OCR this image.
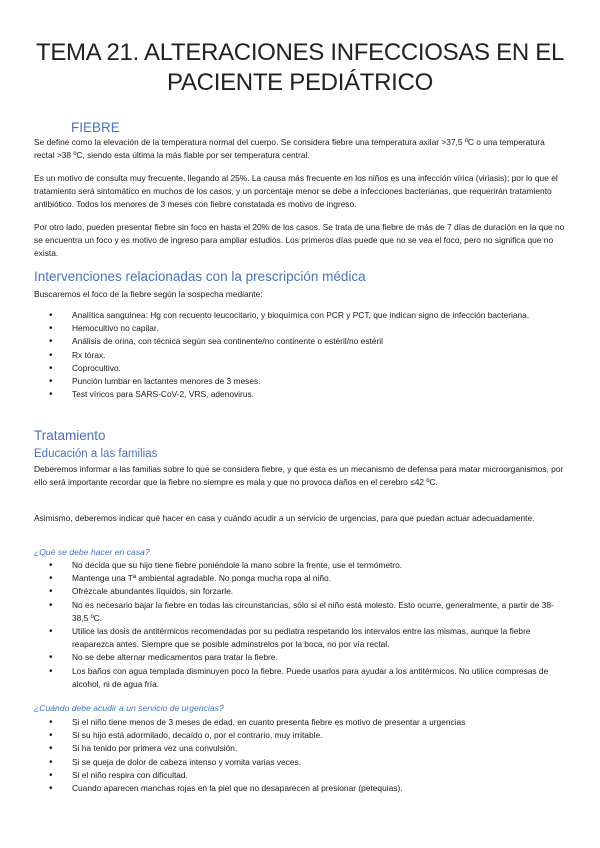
TEMA 21. ALTERACIONES INFECCIOSAS EN EL
PACIENTE PEDIÁTRICO
FIEBRE

Se define como la elevación de la temperatura normal del cuerpo. Se considera fiebre una temperatura axilar >37,5 ºC o una temperatura rectal >38 ºC, siendo esta última la más fiable por ser temperatura central.

Es un motivo de consulta muy frecuente, llegando al 25%. La causa más frecuente en los niños es una infección vírica (viriasis); por lo que el tratamiento será sintomático en muchos de los casos, y un porcentaje menor se debe a infecciones bacterianas, que requerirán tratamiento antibiótico. Todos los menores de 3 meses con fiebre constatada es motivo de ingreso.

Por otro lado, pueden presentar fiebre sin foco en hasta el 20% de los casos. Se trata de una fiebre de más de 7 días de duración en la que no se encuentra un foco y es motivo de ingreso para ampliar estudios. Los primeros días puede que no se vea el foco, pero no significa que no exista.

Intervenciones relacionadas con la prescripción médica

Buscaremos el foco de la fiebre según la sospecha mediante:

• Analítica sanguínea: Hg con recuento leucocitario, y bioquímica con PCR y PCT, que indican signo de infección bacteriana.
• Hemocultivo no capilar.
• Análisis de orina, con técnica según sea continente/no continente o estéril/no estéril
• Rx tórax.
• Coprocultivo.
• Punción lumbar en lactantes menores de 3 meses.
• Test víricos para SARS-CoV-2, VRS, adenovirus.
Tratamiento
Educación a las familias

Deberemos informar a las familias sobre lo que se considera fiebre, y que esta es un mecanismo de defensa para matar microorganismos, por ello será importante recordar que la fiebre no siempre es mala y que no provoca daños en el cerebro ≤42 ºC.

Asimismo, deberemos indicar qué hacer en casa y cuándo acudir a un servicio de urgencias, para que puedan actuar adecuadamente.

¿Qué se debe hacer en casa?
• No decida que su hijo tiene fiebre poniéndole la mano sobre la frente, use el termómetro.
• Mantenga una Tª ambiental agradable. No ponga mucha ropa al niño.
• Ofrézcale abundantes líquidos, sin forzarle.
• No es necesario bajar la fiebre en todas las circunstancias, sólo si el niño está molesto. Esto ocurre, generalmente, a partir de 38-38,5 ºC.
• Utilice las dosis de antitérmicos recomendadas por su pediatra respetando los intervalos entre las mismas, aunque la fiebre reaparezca antes. Siempre que se posible adminstrelos por la boca, no por vía rectal.
• No se debe alternar medicamentos para tratar la fiebre.
• Los baños con agua templada disminuyen poco la fiebre. Puede usarlos para ayudar a los antitérmicos. No utilice compresas de alcohol, ni de agua fría.
¿Cuándo debe acudir a un servicio de urgencias?
• Si el niño tiene menos de 3 meses de edad, en cuanto presenta fiebre es motivo de presentar a urgencias
• Si su hijo está adormilado, decaído o, por el contrario, muy irritable.
• Si ha tenido por primera vez una convulsión.
• Si se queja de dolor de cabeza intenso y vomita varias veces.
• Si el niño respira con dificultad.
• Cuando aparecen manchas rojas en la piel que no desaparecen al presionar (petequias).
